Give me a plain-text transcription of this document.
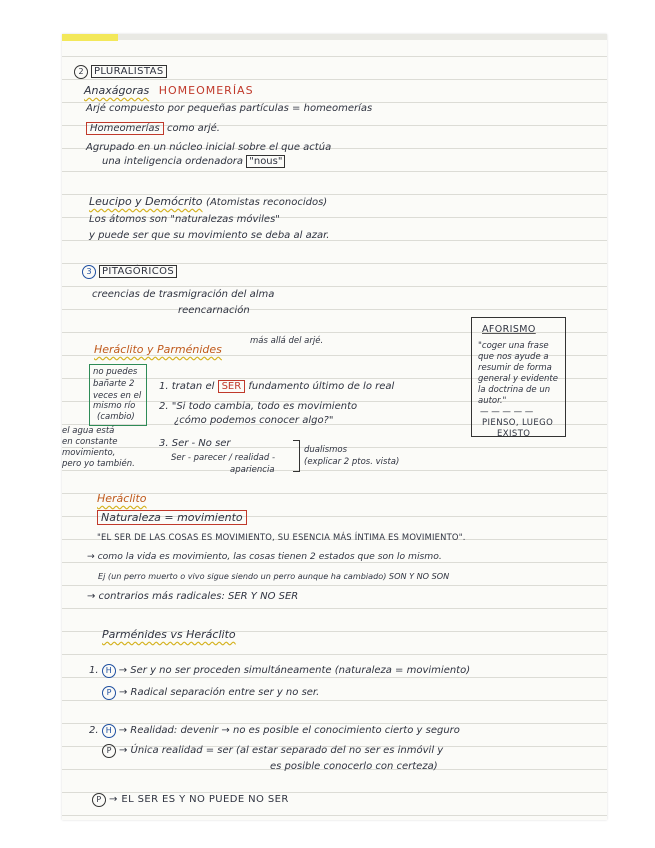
2 PLURALISTAS
Anaxágoras HOMEOMERÍAS
Arjé compuesto por pequeñas partículas = homeomerías
Homeomerías como arjé.
Agrupado en un núcleo inicial sobre el que actúa
una inteligencia ordenadora "nous"
Leucipo y Demócrito (Atomistas reconocidos)
Los átomos son "naturalezas móviles"
y puede ser que su movimiento se deba al azar.
3 PITAGÓRICOS
creencias de trasmigración del alma
reencarnación
Heráclito y Parménides
más allá del arjé.
no puedes
bañarte 2
veces en el
mismo río
(cambio)
1. tratan el SER fundamento último de lo real
2. "Si todo cambia, todo es movimiento
¿cómo podemos conocer algo?"
el agua está
en constante
movimiento,
pero yo también.
3. Ser - No ser
Ser - parecer / realidad -
apariencia
dualismos
(explicar 2 ptos. vista)
AFORISMO
"coger una frase
que nos ayude a
resumir de forma
general y evidente
la doctrina de un
autor."
— — — — —
PIENSO, LUEGO
EXISTO
Heráclito
Naturaleza = movimiento
"EL SER DE LAS COSAS ES MOVIMIENTO, SU ESENCIA MÁS ÍNTIMA ES MOVIMIENTO".
→ como la vida es movimiento, las cosas tienen 2 estados que son lo mismo.
Ej (un perro muerto o vivo sigue siendo un perro aunque ha cambiado) SON Y NO SON
→ contrarios más radicales: SER Y NO SER
Parménides vs Heráclito
1. H → Ser y no ser proceden simultáneamente (naturaleza = movimiento)
P → Radical separación entre ser y no ser.
2. H → Realidad: devenir → no es posible el conocimiento cierto y seguro
P → Única realidad = ser (al estar separado del no ser es inmóvil y
es posible conocerlo con certeza)
P → EL SER ES Y NO PUEDE NO SER
